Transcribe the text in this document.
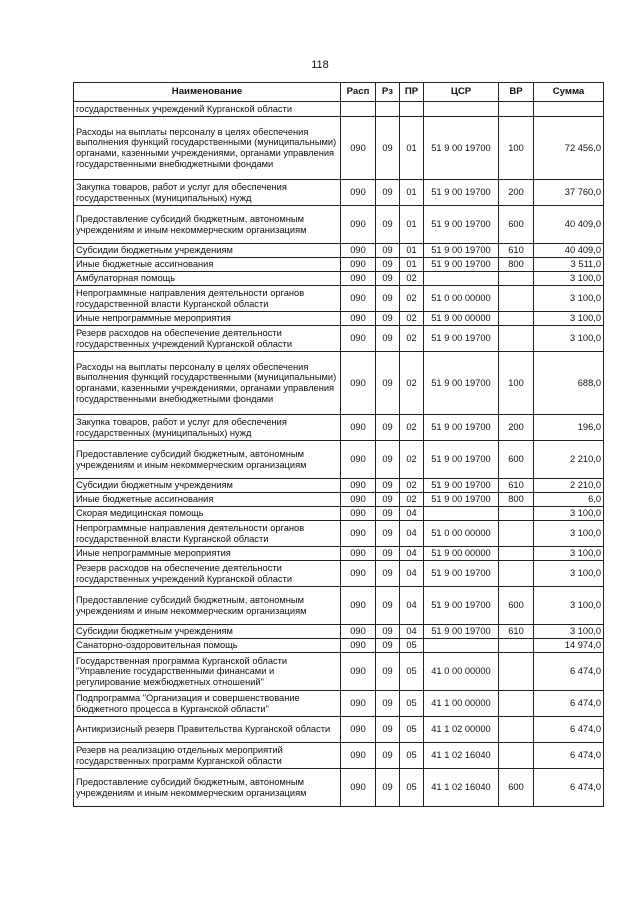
118
Наименование	Расп	Рз	ПР	ЦСР	ВР	Сумма
государственных учреждений Курганской области						
Расходы на выплаты персоналу в целях обеспечения выполнения функций государственными (муниципальными) органами, казенными учреждениями, органами управления государственными внебюджетными фондами	090	09	01	51 9 00 19700	100	72 456,0
Закупка товаров, работ и услуг для обеспечения государственных (муниципальных) нужд	090	09	01	51 9 00 19700	200	37 760,0
Предоставление субсидий бюджетным, автономным учреждениям и иным некоммерческим организациям	090	09	01	51 9 00 19700	600	40 409,0
Субсидии бюджетным учреждениям	090	09	01	51 9 00 19700	610	40 409,0
Иные бюджетные ассигнования	090	09	01	51 9 00 19700	800	3 511,0
Амбулаторная помощь	090	09	02			3 100,0
Непрограммные направления деятельности органов государственной власти Курганской области	090	09	02	51 0 00 00000		3 100,0
Иные непрограммные мероприятия	090	09	02	51 9 00 00000		3 100,0
Резерв расходов на обеспечение деятельности государственных учреждений Курганской области	090	09	02	51 9 00 19700		3 100,0
Расходы на выплаты персоналу в целях обеспечения выполнения функций государственными (муниципальными) органами, казенными учреждениями, органами управления государственными внебюджетными фондами	090	09	02	51 9 00 19700	100	688,0
Закупка товаров, работ и услуг для обеспечения государственных (муниципальных) нужд	090	09	02	51 9 00 19700	200	196,0
Предоставление субсидий бюджетным, автономным учреждениям и иным некоммерческим организациям	090	09	02	51 9 00 19700	600	2 210,0
Субсидии бюджетным учреждениям	090	09	02	51 9 00 19700	610	2 210,0
Иные бюджетные ассигнования	090	09	02	51 9 00 19700	800	6,0
Скорая медицинская помощь	090	09	04			3 100,0
Непрограммные направления деятельности органов государственной власти Курганской области	090	09	04	51 0 00 00000		3 100,0
Иные непрограммные мероприятия	090	09	04	51 9 00 00000		3 100,0
Резерв расходов на обеспечение деятельности государственных учреждений Курганской области	090	09	04	51 9 00 19700		3 100,0
Предоставление субсидий бюджетным, автономным учреждениям и иным некоммерческим организациям	090	09	04	51 9 00 19700	600	3 100,0
Субсидии бюджетным учреждениям	090	09	04	51 9 00 19700	610	3 100,0
Санаторно-оздоровительная помощь	090	09	05			14 974,0
Государственная программа Курганской области "Управление государственными финансами и регулирование межбюджетных отношений"	090	09	05	41 0 00 00000		6 474,0
Подпрограмма "Организация и совершенствование бюджетного процесса в Курганской области"	090	09	05	41 1 00 00000		6 474,0
Антикризисный резерв Правительства Курганской области	090	09	05	41 1 02 00000		6 474,0
Резерв на реализацию отдельных мероприятий государственных программ Курганской области	090	09	05	41 1 02 16040		6 474,0
Предоставление субсидий бюджетным, автономным учреждениям и иным некоммерческим организациям	090	09	05	41 1 02 16040	600	6 474,0
